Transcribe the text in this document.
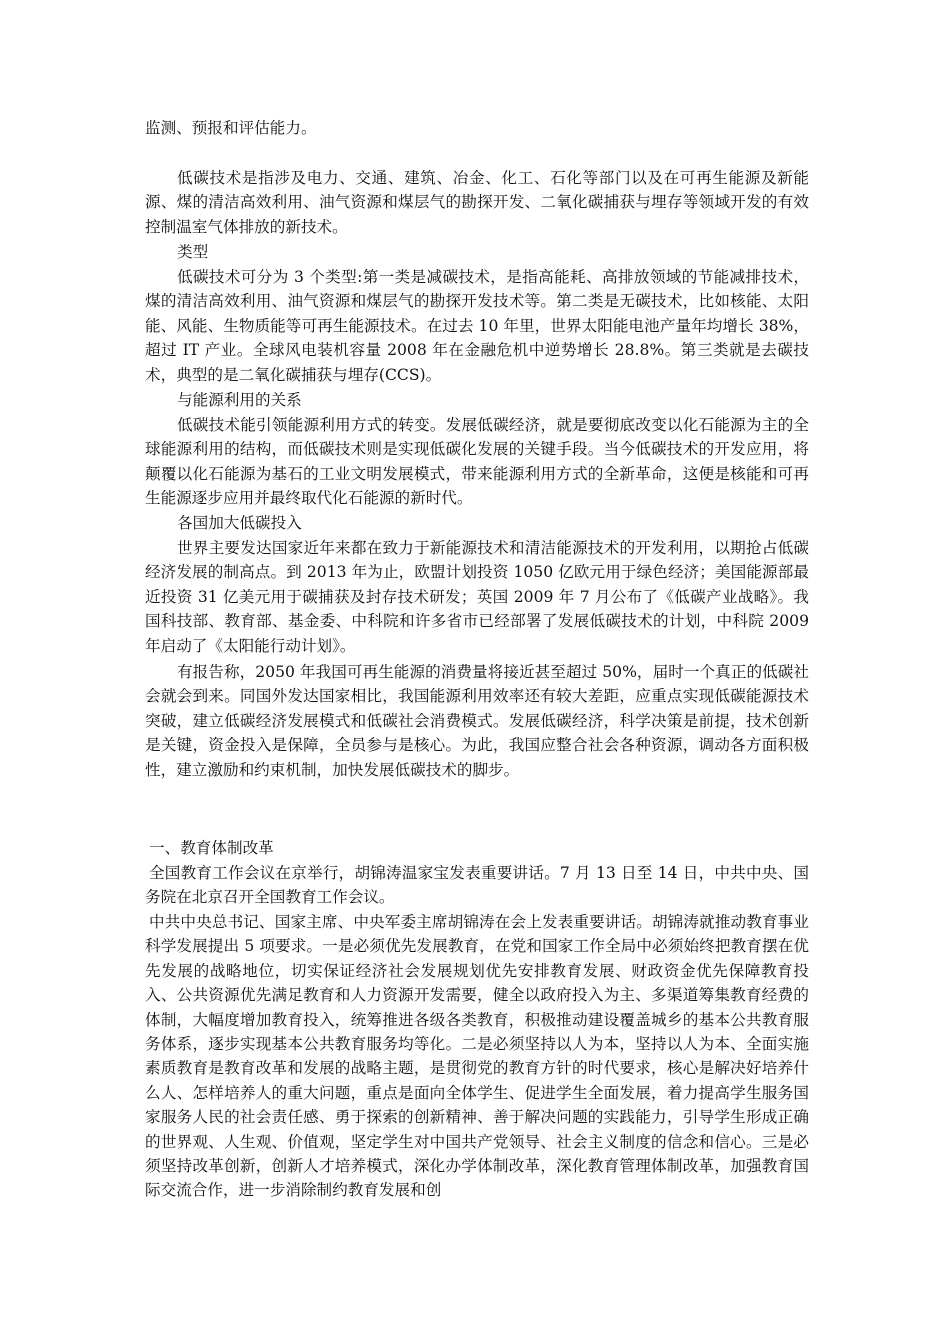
监测、预报和评估能力。

低碳技术是指涉及电力、交通、建筑、冶金、化工、石化等部门以及在可再生能源及新能源、煤的清洁高效利用、油气资源和煤层气的勘探开发、二氧化碳捕获与埋存等领域开发的有效控制温室气体排放的新技术。

类型

低碳技术可分为 3 个类型:第一类是减碳技术，是指高能耗、高排放领域的节能减排技术，煤的清洁高效利用、油气资源和煤层气的勘探开发技术等。第二类是无碳技术，比如核能、太阳能、风能、生物质能等可再生能源技术。在过去 10 年里，世界太阳能电池产量年均增长 38%，超过 IT 产业。全球风电装机容量 2008 年在金融危机中逆势增长 28.8%。第三类就是去碳技术，典型的是二氧化碳捕获与埋存(CCS)。

与能源利用的关系

低碳技术能引领能源利用方式的转变。发展低碳经济，就是要彻底改变以化石能源为主的全球能源利用的结构，而低碳技术则是实现低碳化发展的关键手段。当今低碳技术的开发应用，将颠覆以化石能源为基石的工业文明发展模式，带来能源利用方式的全新革命，这便是核能和可再生能源逐步应用并最终取代化石能源的新时代。

各国加大低碳投入

世界主要发达国家近年来都在致力于新能源技术和清洁能源技术的开发利用，以期抢占低碳经济发展的制高点。到 2013 年为止，欧盟计划投资 1050 亿欧元用于绿色经济；美国能源部最近投资 31 亿美元用于碳捕获及封存技术研发；英国 2009 年 7 月公布了《低碳产业战略》。我国科技部、教育部、基金委、中科院和许多省市已经部署了发展低碳技术的计划，中科院 2009 年启动了《太阳能行动计划》。

有报告称，2050 年我国可再生能源的消费量将接近甚至超过 50%，届时一个真正的低碳社会就会到来。同国外发达国家相比，我国能源利用效率还有较大差距，应重点实现低碳能源技术突破，建立低碳经济发展模式和低碳社会消费模式。发展低碳经济，科学决策是前提，技术创新是关键，资金投入是保障，全员参与是核心。为此，我国应整合社会各种资源，调动各方面积极性，建立激励和约束机制，加快发展低碳技术的脚步。

一、教育体制改革

全国教育工作会议在京举行，胡锦涛温家宝发表重要讲话。7 月 13 日至 14 日，中共中央、国务院在北京召开全国教育工作会议。

中共中央总书记、国家主席、中央军委主席胡锦涛在会上发表重要讲话。胡锦涛就推动教育事业科学发展提出 5 项要求。一是必须优先发展教育，在党和国家工作全局中必须始终把教育摆在优先发展的战略地位，切实保证经济社会发展规划优先安排教育发展、财政资金优先保障教育投入、公共资源优先满足教育和人力资源开发需要，健全以政府投入为主、多渠道筹集教育经费的体制，大幅度增加教育投入，统筹推进各级各类教育，积极推动建设覆盖城乡的基本公共教育服务体系，逐步实现基本公共教育服务均等化。二是必须坚持以人为本，坚持以人为本、全面实施素质教育是教育改革和发展的战略主题，是贯彻党的教育方针的时代要求，核心是解决好培养什么人、怎样培养人的重大问题，重点是面向全体学生、促进学生全面发展，着力提高学生服务国家服务人民的社会责任感、勇于探索的创新精神、善于解决问题的实践能力，引导学生形成正确的世界观、人生观、价值观，坚定学生对中国共产党领导、社会主义制度的信念和信心。三是必须坚持改革创新，创新人才培养模式，深化办学体制改革，深化教育管理体制改革，加强教育国际交流合作，进一步消除制约教育发展和创
